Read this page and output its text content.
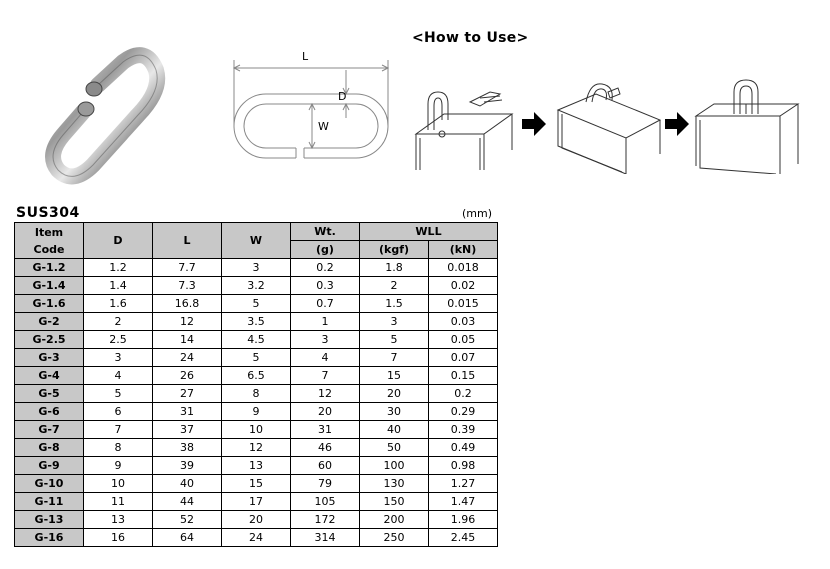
L
D
W
<How to Use>
SUS304	(mm)
Item
Code	D	L	W	Wt.	WLL	
				(g)	(kgf)	(kN)
G-1.2	1.2	7.7	3	0.2	1.8	0.018
G-1.4	1.4	7.3	3.2	0.3	2	0.02
G-1.6	1.6	16.8	5	0.7	1.5	0.015
G-2	2	12	3.5	1	3	0.03
G-2.5	2.5	14	4.5	3	5	0.05
G-3	3	24	5	4	7	0.07
G-4	4	26	6.5	7	15	0.15
G-5	5	27	8	12	20	0.2
G-6	6	31	9	20	30	0.29
G-7	7	37	10	31	40	0.39
G-8	8	38	12	46	50	0.49
G-9	9	39	13	60	100	0.98
G-10	10	40	15	79	130	1.27
G-11	11	44	17	105	150	1.47
G-13	13	52	20	172	200	1.96
G-16	16	64	24	314	250	2.45
